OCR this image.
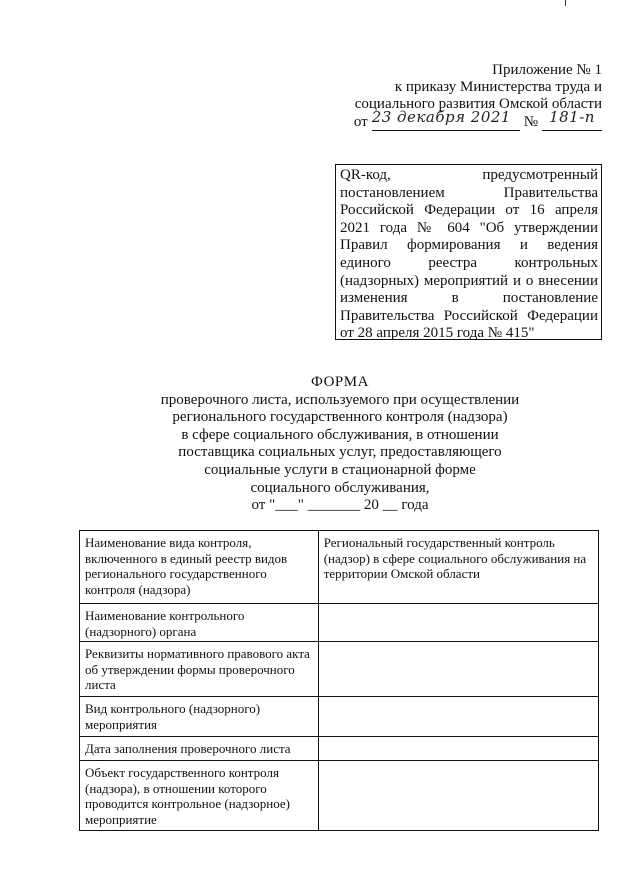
Приложение № 1
к приказу Министерства труда и
социального развития Омской области
от 23 декабря 2021 № 181-п
QR-код, предусмотренный постановлением Правительства Российской Федерации от 16 апреля 2021 года № 604 "Об утверждении Правил формирования и ведения единого реестра контрольных (надзорных) мероприятий и о внесении изменения в постановление Правительства Российской Федерации от 28 апреля 2015 года № 415"
ФОРМА
проверочного листа, используемого при осуществлении
регионального государственного контроля (надзора)
в сфере социального обслуживания, в отношении
поставщика социальных услуг, предоставляющего
социальные услуги в стационарной форме
социального обслуживания,
от "___" _______ 20 __ года
Наименование вида контроля, включенного в единый реестр видов регионального государственного контроля (надзора)	Региональный государственный контроль (надзор) в сфере социального обслуживания на территории Омской области
Наименование контрольного (надзорного) органа	
Реквизиты нормативного правового акта об утверждении формы проверочного листа	
Вид контрольного (надзорного) мероприятия	
Дата заполнения проверочного листа	
Объект государственного контроля (надзора), в отношении которого проводится контрольное (надзорное) мероприятие	
